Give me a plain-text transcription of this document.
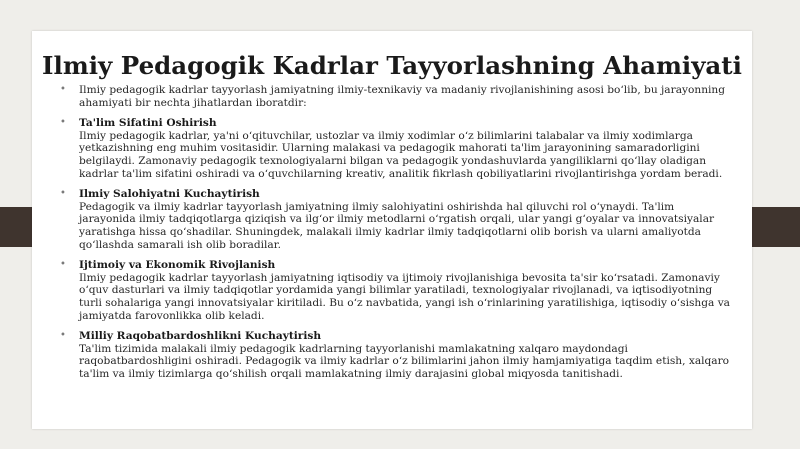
Ilmiy Pedagogik Kadrlar Tayyorlashning Ahamiyati
• Ilmiy pedagogik kadrlar tayyorlash jamiyatning ilmiy-texnikaviy va madaniy rivojlanishining asosi boʻlib, bu jarayonning ahamiyati bir nechta jihatlardan iboratdir:
• Ta'lim Sifatini Oshirish
Ilmiy pedagogik kadrlar, ya'ni oʻqituvchilar, ustozlar va ilmiy xodimlar oʻz bilimlarini talabalar va ilmiy xodimlarga yetkazishning eng muhim vositasidir. Ularning malakasi va pedagogik mahorati ta'lim jarayonining samaradorligini belgilaydi. Zamonaviy pedagogik texnologiyalarni bilgan va pedagogik yondashuvlarda yangiliklarni qoʻllay oladigan kadrlar ta'lim sifatini oshiradi va oʻquvchilarning kreativ, analitik fikrlash qobiliyatlarini rivojlantirishga yordam beradi.
• Ilmiy Salohiyatni Kuchaytirish
Pedagogik va ilmiy kadrlar tayyorlash jamiyatning ilmiy salohiyatini oshirishda hal qiluvchi rol oʻynaydi. Ta'lim jarayonida ilmiy tadqiqotlarga qiziqish va ilgʻor ilmiy metodlarni oʻrgatish orqali, ular yangi gʻoyalar va innovatsiyalar yaratishga hissa qoʻshadilar. Shuningdek, malakali ilmiy kadrlar ilmiy tadqiqotlarni olib borish va ularni amaliyotda qoʻllashda samarali ish olib boradilar.
• Ijtimoiy va Ekonomik Rivojlanish
Ilmiy pedagogik kadrlar tayyorlash jamiyatning iqtisodiy va ijtimoiy rivojlanishiga bevosita ta'sir koʻrsatadi. Zamonaviy oʻquv dasturlari va ilmiy tadqiqotlar yordamida yangi bilimlar yaratiladi, texnologiyalar rivojlanadi, va iqtisodiyotning turli sohalariga yangi innovatsiyalar kiritiladi. Bu oʻz navbatida, yangi ish oʻrinlarining yaratilishiga, iqtisodiy oʻsishga va jamiyatda farovonlikka olib keladi.
• Milliy Raqobatbardoshlikni Kuchaytirish
Ta'lim tizimida malakali ilmiy pedagogik kadrlarning tayyorlanishi mamlakatning xalqaro maydondagi raqobatbardoshligini oshiradi. Pedagogik va ilmiy kadrlar oʻz bilimlarini jahon ilmiy hamjamiyatiga taqdim etish, xalqaro ta'lim va ilmiy tizimlarga qoʻshilish orqali mamlakatning ilmiy darajasini global miqyosda tanitishadi.
